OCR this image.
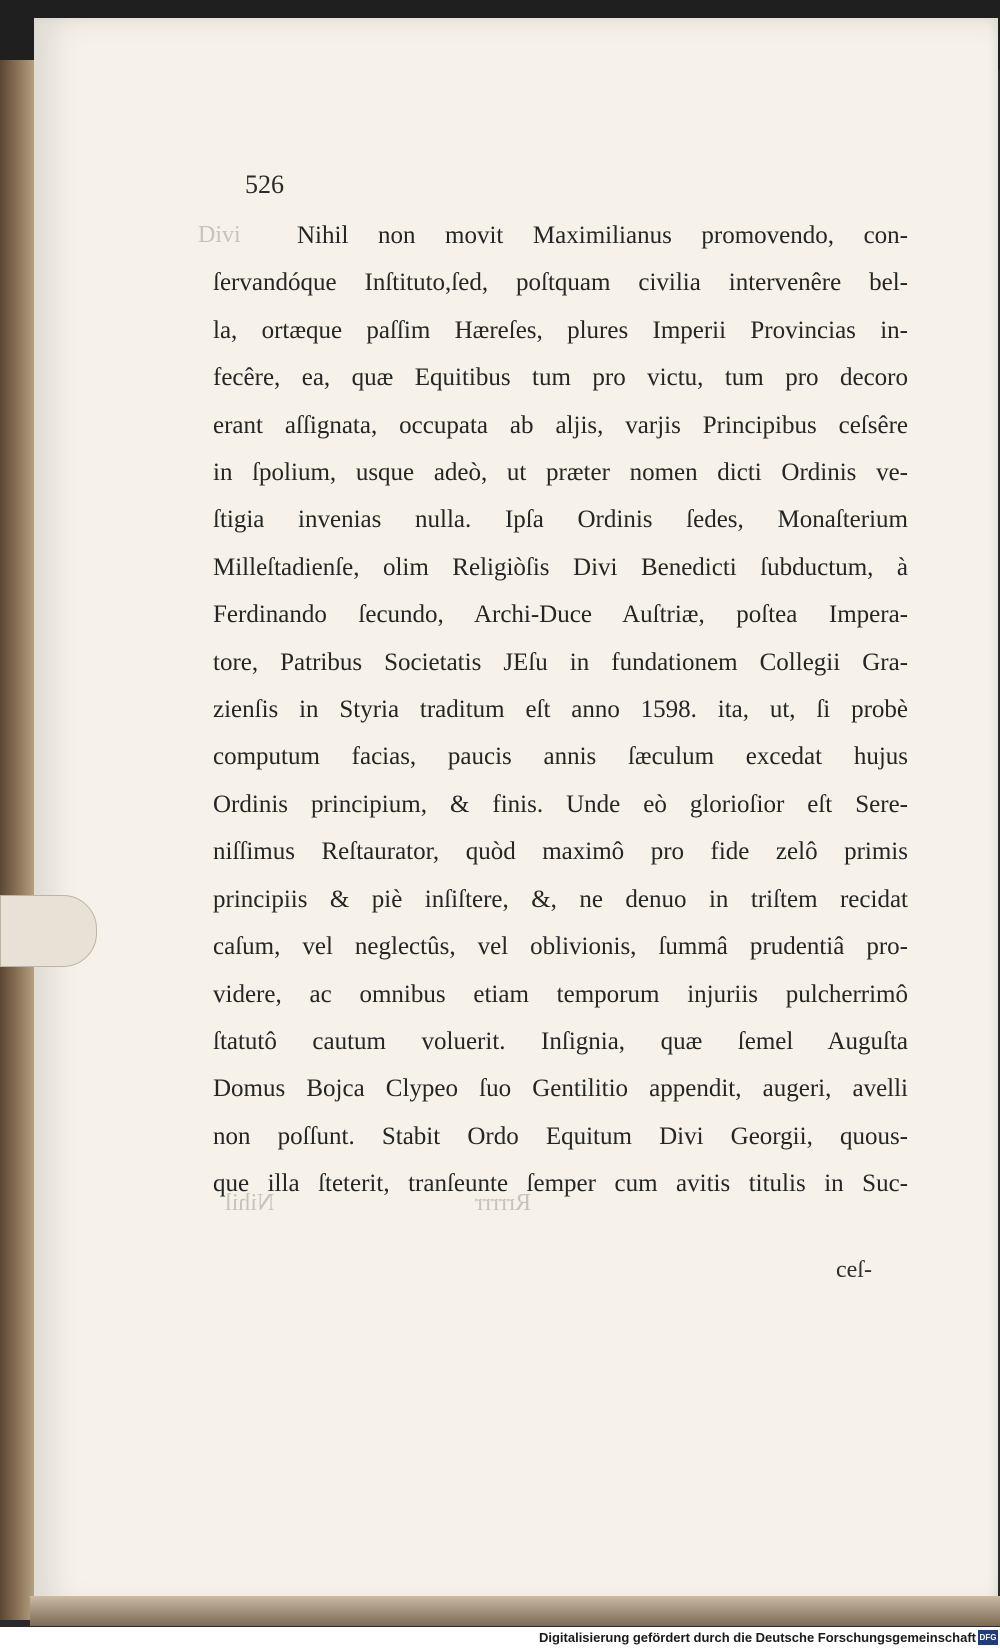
Divi
Nihil	Rrrrrr
526
Nihil non movit Maximilianus promovendo, con-
ſervandóque Inſtituto,ſed, poſtquam civilia intervenêre bel-
la, ortæque paſſim Hæreſes, plures Imperii Provincias in-
fecêre, ea, quæ Equitibus tum pro victu, tum pro decoro
erant aſſignata, occupata ab aljis, varjis Principibus ceſsêre
in ſpolium, usque adeò, ut præter nomen dicti Ordinis ve-
ſtigia invenias nulla. Ipſa Ordinis ſedes, Monaſterium
Milleſtadienſe, olim Religiòſis Divi Benedicti ſubductum, à
Ferdinando ſecundo, Archi-Duce Auſtriæ, poſtea Impera-
tore, Patribus Societatis JEſu in fundationem Collegii Gra-
zienſis in Styria traditum eſt anno 1598. ita, ut, ſi probè
computum facias, paucis annis ſæculum excedat hujus
Ordinis principium, & finis. Unde eò glorioſior eſt Sere-
niſſimus Reſtaurator, quòd maximô pro fide zelô primis
principiis & piè inſiſtere, &, ne denuo in triſtem recidat
caſum, vel neglectûs, vel oblivionis, ſummâ prudentiâ pro-
videre, ac omnibus etiam temporum injuriis pulcherrimô
ſtatutô cautum voluerit. Inſignia, quæ ſemel Auguſta
Domus Bojca Clypeo ſuo Gentilitio appendit, augeri, avelli
non poſſunt. Stabit Ordo Equitum Divi Georgii, quous-
que illa ſteterit, tranſeunte ſemper cum avitis titulis in Suc-
ceſ-
Digitalisierung gefördert durch die Deutsche Forschungsgemeinschaft DFG
